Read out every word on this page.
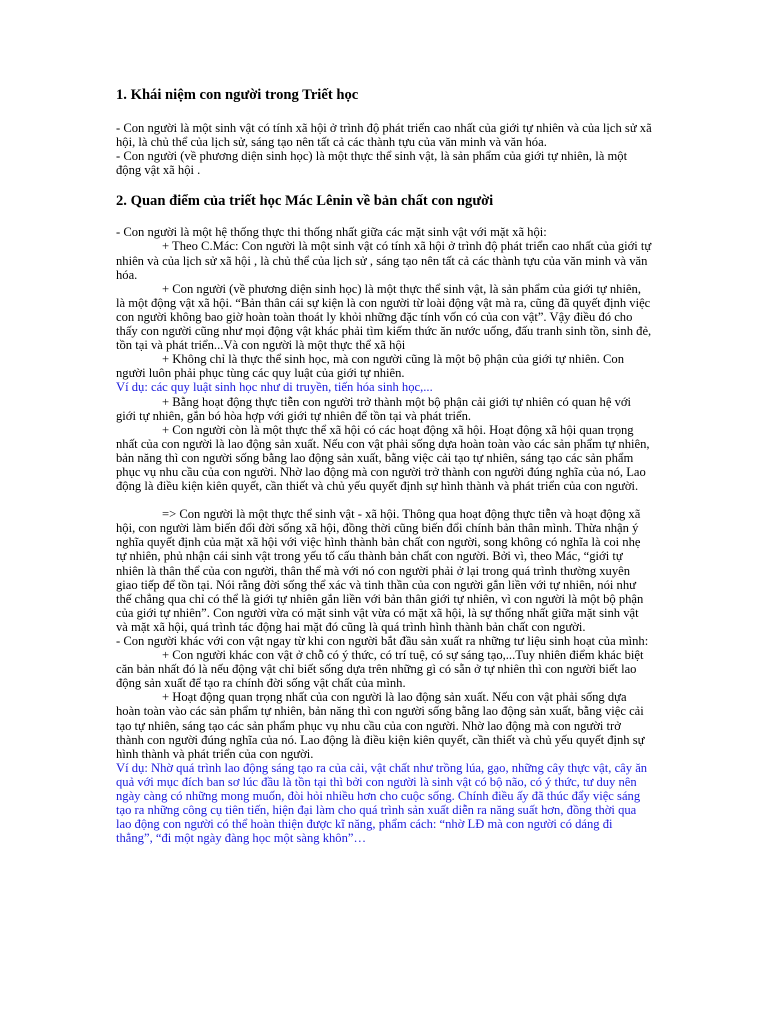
1. Khái niệm con người trong Triết học

- Con người là một sinh vật có tính xã hội ở trình độ phát triển cao nhất của giới tự nhiên và của lịch sử xã hội, là chủ thể của lịch sử, sáng tạo nên tất cả các thành tựu của văn minh và văn hóa.

- Con người (về phương diện sinh học) là một thực thể sinh vật, là sản phẩm của giới tự nhiên, là một động vật xã hội .

2. Quan điểm của triết học Mác Lênin về bản chất con người

- Con người là một hệ thống thực thi thống nhất giữa các mặt sinh vật với mặt xã hội:

+ Theo C.Mác: Con người là một sinh vật có tính xã hội ở trình độ phát triển cao nhất của giới tự nhiên và của lịch sử xã hội , là chủ thể của lịch sử , sáng tạo nên tất cả các thành tựu của văn minh và văn hóa.

+ Con người (về phương diện sinh học) là một thực thể sinh vật, là sản phẩm của giới tự nhiên, là một động vật xã hội. “Bản thân cái sự kiện là con người từ loài động vật mà ra, cũng đã quyết định việc con người không bao giờ hoàn toàn thoát ly khỏi những đặc tính vốn có của con vật”. Vậy điều đó cho thấy con người cũng như mọi động vật khác phải tìm kiếm thức ăn nước uống, đấu tranh sinh tồn, sinh đẻ, tồn tại và phát triển...Và con người là một thực thể xã hội

+ Không chỉ là thực thể sinh học, mà con người cũng là một bộ phận của giới tự nhiên. Con người luôn phải phục tùng các quy luật của giới tự nhiên.

Ví dụ: các quy luật sinh học như di truyền, tiến hóa sinh học,...

+ Bằng hoạt động thực tiễn con người trở thành một bộ phận cải giới tự nhiên có quan hệ với giới tự nhiên, gắn bó hòa hợp với giới tự nhiên để tồn tại và phát triển.

+ Con người còn là một thực thể xã hội có các hoạt động xã hội. Hoạt động xã hội quan trọng nhất của con người là lao động sản xuất. Nếu con vật phải sống dựa hoàn toàn vào các sản phẩm tự nhiên, bản năng thì con người sống bằng lao động sản xuất, bằng việc cải tạo tự nhiên, sáng tạo các sản phẩm phục vụ nhu cầu của con người. Nhờ lao động mà con người trở thành con người đúng nghĩa của nó, Lao động là điều kiện kiên quyết, cần thiết và chủ yếu quyết định sự hình thành và phát triển của con người.

=> Con người là một thực thể sinh vật - xã hội. Thông qua hoạt động thực tiễn và hoạt động xã hội, con người làm biến đổi đời sống xã hội, đồng thời cũng biến đổi chính bản thân mình. Thừa nhận ý nghĩa quyết định của mặt xã hội với việc hình thành bản chất con người, song không có nghĩa là coi nhẹ tự nhiên, phủ nhận cái sinh vật trong yếu tố cấu thành bản chất con người. Bởi vì, theo Mác, “giới tự nhiên là thân thể của con người, thân thể mà với nó con người phải ở lại trong quá trình thường xuyên giao tiếp để tồn tại. Nói rằng đời sống thể xác và tinh thần của con người gắn liền với tự nhiên, nói như thế chẳng qua chỉ có thể là giới tự nhiên gắn liền với bản thân giới tự nhiên, vì con người là một bộ phận của giới tự nhiên”. Con người vừa có mặt sinh vật vừa có mặt xã hội, là sự thống nhất giữa mặt sinh vật và mặt xã hội, quá trình tác động hai mặt đó cũng là quá trình hình thành bản chất con người.

- Con người khác với con vật ngay từ khi con người bắt đầu sản xuất ra những tư liệu sinh hoạt của mình:

+ Con người khác con vật ở chỗ có ý thức, có trí tuệ, có sự sáng tạo,...Tuy nhiên điểm khác biệt căn bản nhất đó là nếu động vật chỉ biết sống dựa trên những gì có sẵn ở tự nhiên thì con người biết lao động sản xuất để tạo ra chính đời sống vật chất của mình.

+ Hoạt động quan trọng nhất của con người là lao động sản xuất. Nếu con vật phải sống dựa hoàn toàn vào các sản phẩm tự nhiên, bản năng thì con người sống bằng lao động sản xuất, bằng việc cải tạo tự nhiên, sáng tạo các sản phẩm phục vụ nhu cầu của con người. Nhờ lao động mà con người trở thành con người đúng nghĩa của nó. Lao động là điều kiện kiên quyết, cần thiết và chủ yếu quyết định sự hình thành và phát triển của con người.

Ví dụ: Nhờ quá trình lao động sáng tạo ra của cải, vật chất như trồng lúa, gạo, những cây thực vật, cây ăn quả với mục đích ban sơ lúc đầu là tồn tại thì bởi con người là sinh vật có bộ não, có ý thức, tư duy nên ngày càng có những mong muốn, đòi hỏi nhiều hơn cho cuộc sống. Chính điều ấy đã thúc đẩy việc sáng tạo ra những công cụ tiên tiến, hiện đại làm cho quá trình sản xuất diễn ra năng suất hơn, đồng thời qua lao động con người có thể hoàn thiện được kĩ năng, phẩm cách: “nhờ LĐ mà con người có dáng đi thẳng”, “đi một ngày đàng học một sàng khôn”…
